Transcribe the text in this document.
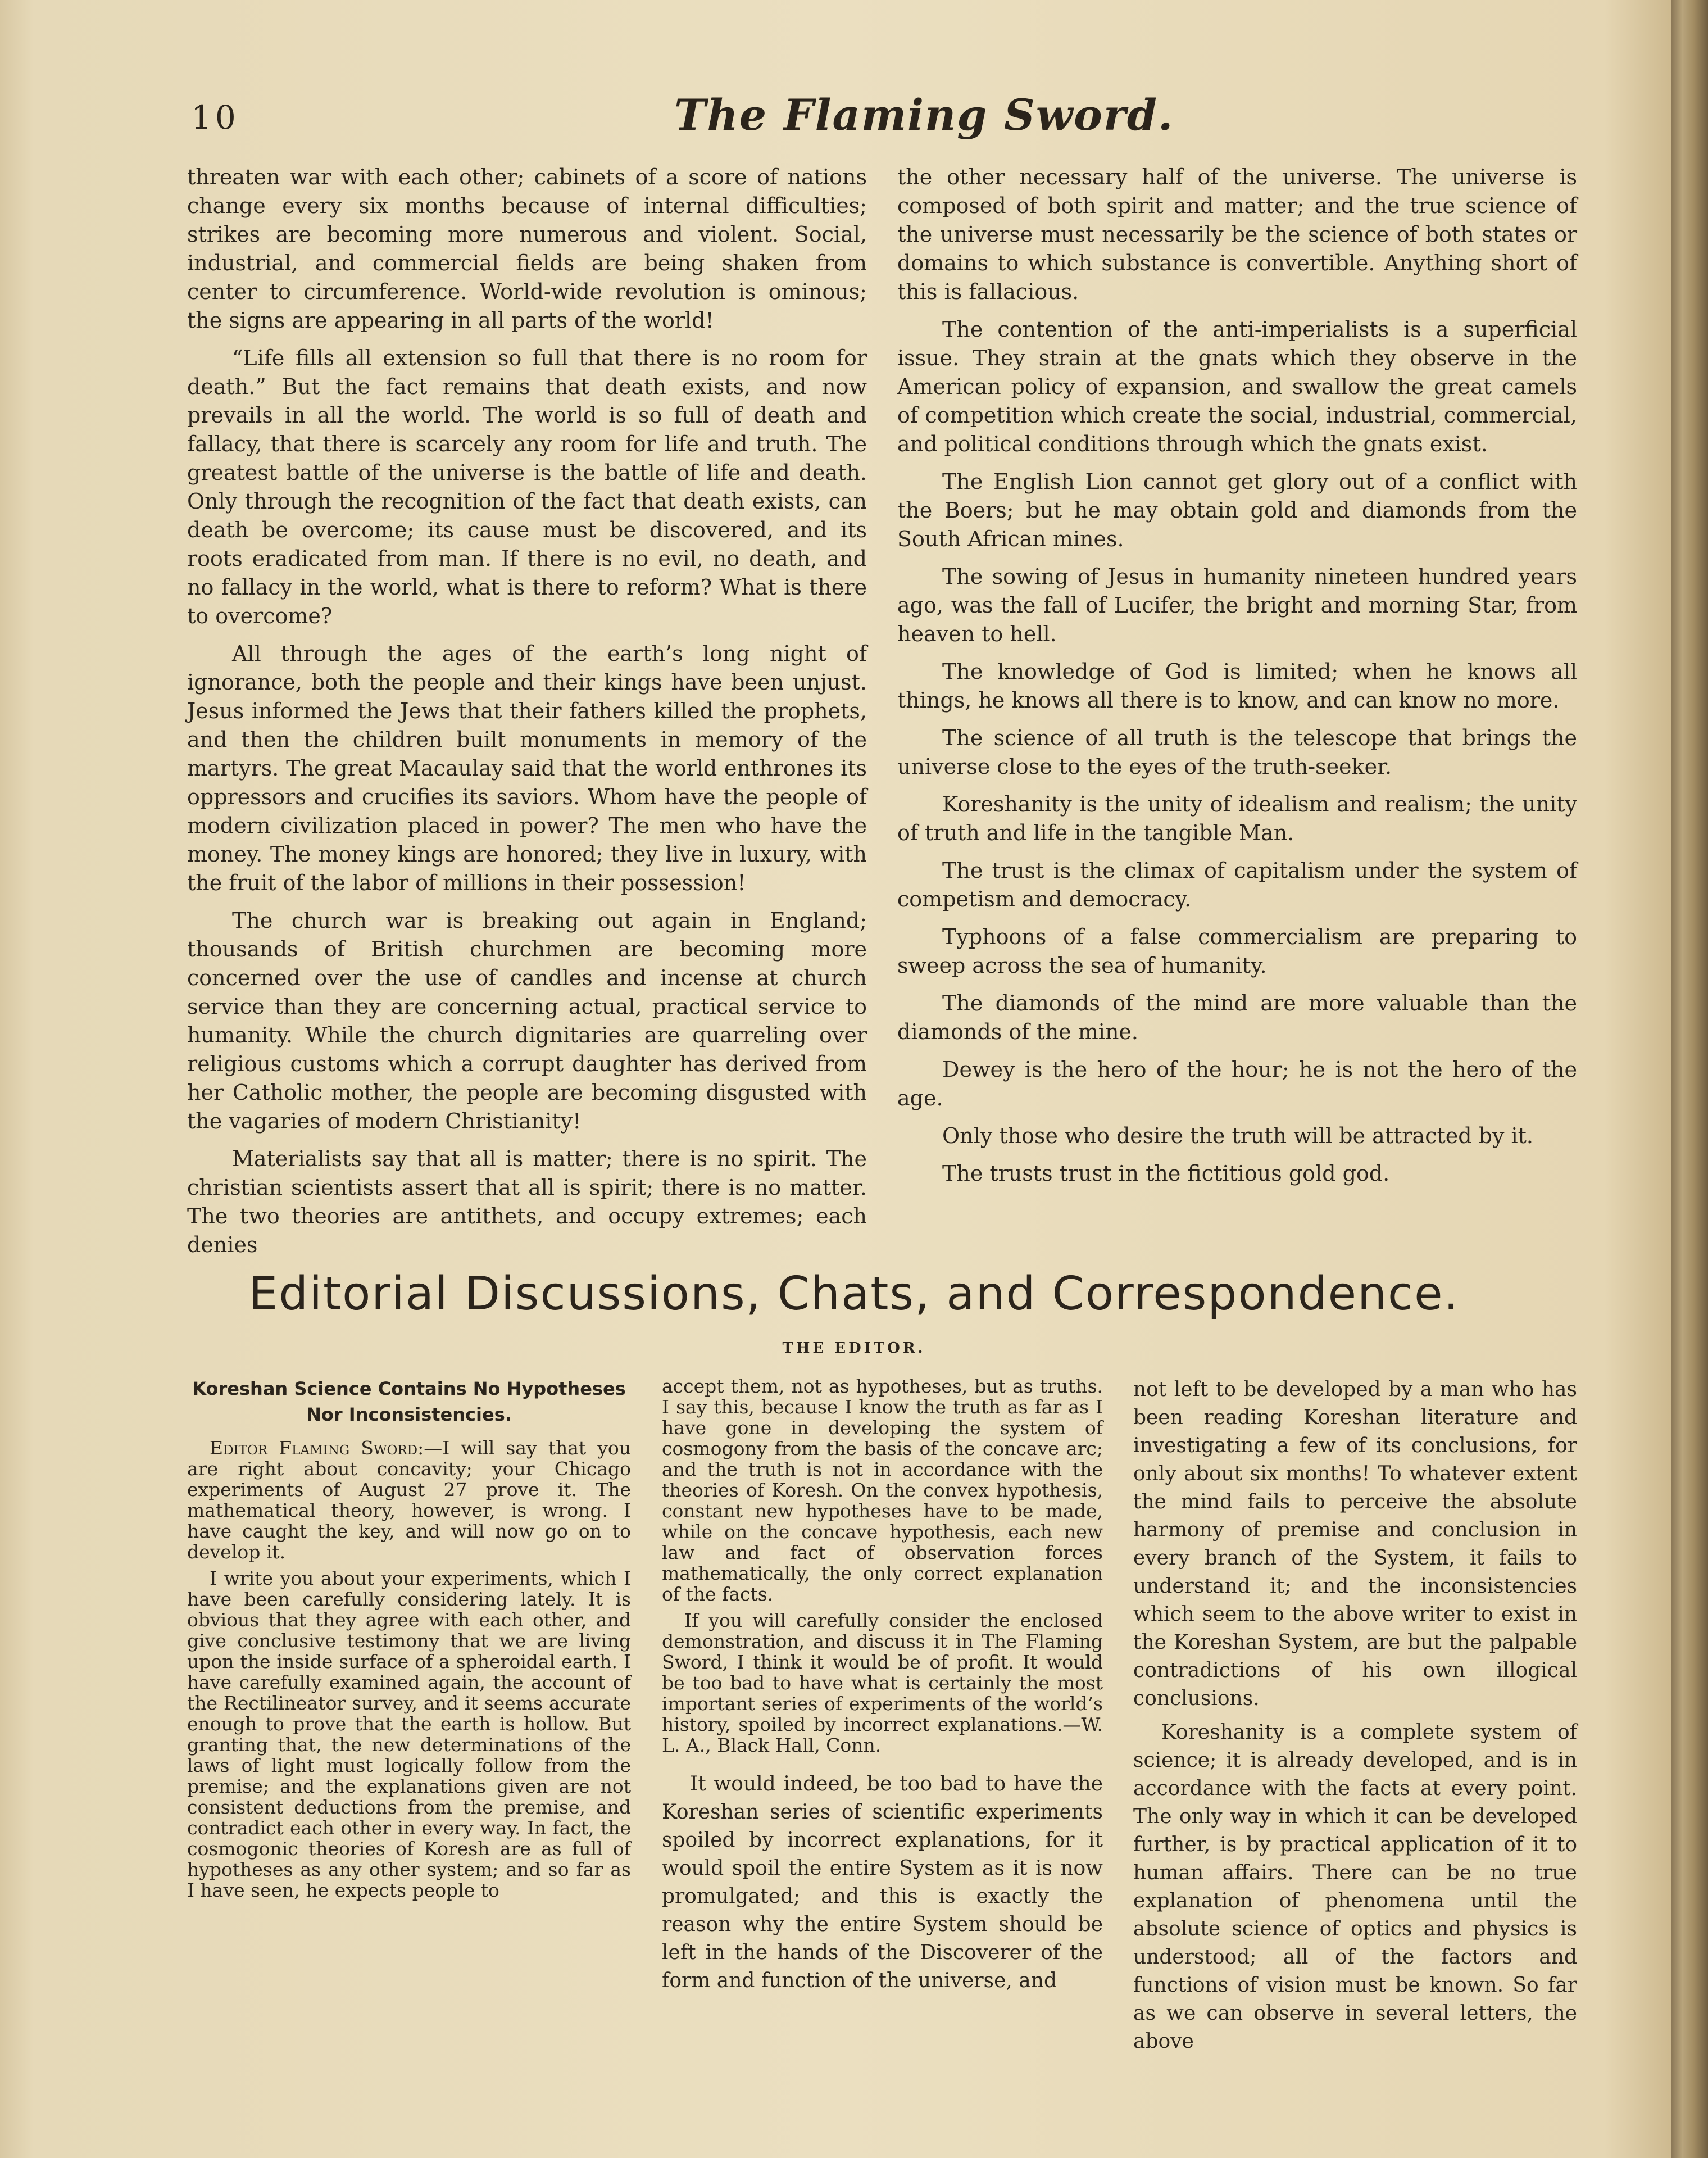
10	The Flaming Sword.

threaten war with each other; cabinets of a score of nations change every six months because of internal difficulties; strikes are becoming more numerous and violent. Social, industrial, and commercial fields are being shaken from center to circumference. World-wide revolution is ominous; the signs are appearing in all parts of the world!

“Life fills all extension so full that there is no room for death.” But the fact remains that death exists, and now prevails in all the world. The world is so full of death and fallacy, that there is scarcely any room for life and truth. The greatest battle of the universe is the battle of life and death. Only through the recognition of the fact that death exists, can death be overcome; its cause must be discovered, and its roots eradicated from man. If there is no evil, no death, and no fallacy in the world, what is there to reform? What is there to overcome?

All through the ages of the earth’s long night of ignorance, both the people and their kings have been unjust. Jesus informed the Jews that their fathers killed the prophets, and then the children built monuments in memory of the martyrs. The great Macaulay said that the world enthrones its oppressors and crucifies its saviors. Whom have the people of modern civilization placed in power? The men who have the money. The money kings are honored; they live in luxury, with the fruit of the labor of millions in their possession!

The church war is breaking out again in England; thousands of British churchmen are becoming more concerned over the use of candles and incense at church service than they are concerning actual, practical service to humanity. While the church dignitaries are quarreling over religious customs which a corrupt daughter has derived from her Catholic mother, the people are becoming disgusted with the vagaries of modern Christianity!

Materialists say that all is matter; there is no spirit. The christian scientists assert that all is spirit; there is no matter. The two theories are antithets, and occupy extremes; each denies

the other necessary half of the universe. The universe is composed of both spirit and matter; and the true science of the universe must necessarily be the science of both states or domains to which substance is convertible. Anything short of this is fallacious.

The contention of the anti-imperialists is a superficial issue. They strain at the gnats which they observe in the American policy of expansion, and swallow the great camels of competition which create the social, industrial, commercial, and political conditions through which the gnats exist.

The English Lion cannot get glory out of a conflict with the Boers; but he may obtain gold and diamonds from the South African mines.

The sowing of Jesus in humanity nineteen hundred years ago, was the fall of Lucifer, the bright and morning Star, from heaven to hell.

The knowledge of God is limited; when he knows all things, he knows all there is to know, and can know no more.

The science of all truth is the telescope that brings the universe close to the eyes of the truth-seeker.

Koreshanity is the unity of idealism and realism; the unity of truth and life in the tangible Man.

The trust is the climax of capitalism under the system of competism and democracy.

Typhoons of a false commercialism are preparing to sweep across the sea of humanity.

The diamonds of the mind are more valuable than the diamonds of the mine.

Dewey is the hero of the hour; he is not the hero of the age.

Only those who desire the truth will be attracted by it.

The trusts trust in the fictitious gold god.

Editorial Discussions, Chats, and Correspondence.
THE EDITOR.
Koreshan Science Contains No Hypotheses
Nor Inconsistencies.

Editor Flaming Sword:—I will say that you are right about concavity; your Chicago experiments of August 27 prove it. The mathematical theory, however, is wrong. I have caught the key, and will now go on to develop it.

I write you about your experiments, which I have been carefully considering lately. It is obvious that they agree with each other, and give conclusive testimony that we are living upon the inside surface of a spheroidal earth. I have carefully examined again, the account of the Rectilineator survey, and it seems accurate enough to prove that the earth is hollow. But granting that, the new determinations of the laws of light must logically follow from the premise; and the explanations given are not consistent deductions from the premise, and contradict each other in every way. In fact, the cosmogonic theories of Koresh are as full of hypotheses as any other system; and so far as I have seen, he expects people to

accept them, not as hypotheses, but as truths. I say this, because I know the truth as far as I have gone in developing the system of cosmogony from the basis of the concave arc; and the truth is not in accordance with the theories of Koresh. On the convex hypothesis, constant new hypotheses have to be made, while on the concave hypothesis, each new law and fact of observation forces mathematically, the only correct explanation of the facts.

If you will carefully consider the enclosed demonstration, and discuss it in The Flaming Sword, I think it would be of profit. It would be too bad to have what is certainly the most important series of experiments of the world’s history, spoiled by incorrect explanations.—W. L. A., Black Hall, Conn.

It would indeed, be too bad to have the Koreshan series of scientific experiments spoiled by incorrect explanations, for it would spoil the entire System as it is now promulgated; and this is exactly the reason why the entire System should be left in the hands of the Discoverer of the form and function of the universe, and

not left to be developed by a man who has been reading Koreshan literature and investigating a few of its conclusions, for only about six months! To whatever extent the mind fails to perceive the absolute harmony of premise and conclusion in every branch of the System, it fails to understand it; and the inconsistencies which seem to the above writer to exist in the Koreshan System, are but the palpable contradictions of his own illogical conclusions.

Koreshanity is a complete system of science; it is already developed, and is in accordance with the facts at every point. The only way in which it can be developed further, is by practical application of it to human affairs. There can be no true explanation of phenomena until the absolute science of optics and physics is understood; all of the factors and functions of vision must be known. So far as we can observe in several letters, the above
